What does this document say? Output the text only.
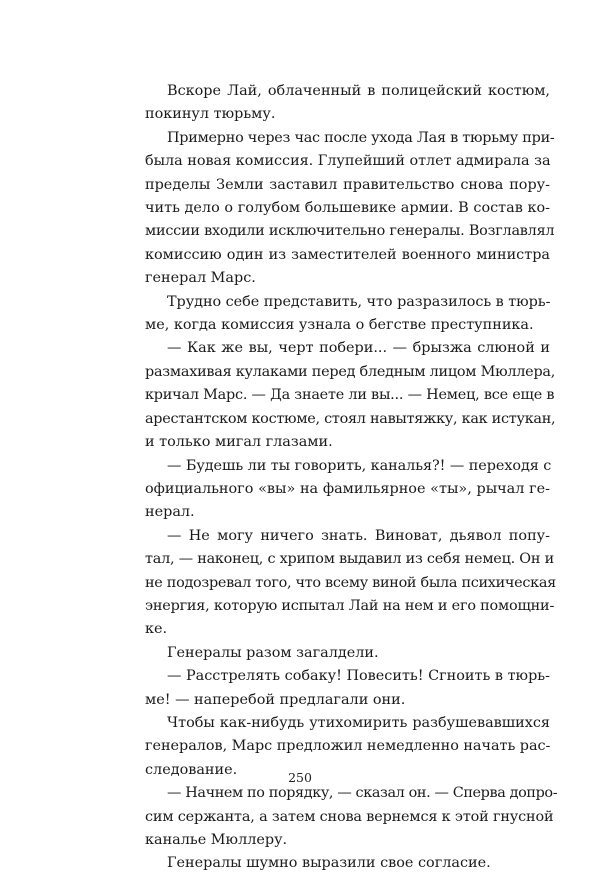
Вскоре Лай, облаченный в полицейский костюм,
покинул тюрьму.
Примерно через час после ухода Лая в тюрьму при-
была новая комиссия. Глупейший отлет адмирала за
пределы Земли заставил правительство снова пору-
чить дело о голубом большевике армии. В состав ко-
миссии входили исключительно генералы. Возглавлял
комиссию один из заместителей военного министра
генерал Марс.
Трудно себе представить, что разразилось в тюрь-
ме, когда комиссия узнала о бегстве преступника.
— Как же вы, черт побери... — брызжа слюной и
размахивая кулаками перед бледным лицом Мюллера,
кричал Марс. — Да знаете ли вы... — Немец, все еще в
арестантском костюме, стоял навытяжку, как истукан,
и только мигал глазами.
— Будешь ли ты говорить, каналья?! — переходя с
официального «вы» на фамильярное «ты», рычал ге-
нерал.
— Не могу ничего знать. Виноват, дьявол попу-
тал, — наконец, с хрипом выдавил из себя немец. Он и
не подозревал того, что всему виной была психическая
энергия, которую испытал Лай на нем и его помощни-
ке.
Генералы разом загалдели.
— Расстрелять собаку! Повесить! Сгноить в тюрь-
ме! — наперебой предлагали они.
Чтобы как-нибудь утихомирить разбушевавшихся
генералов, Марс предложил немедленно начать рас-
следование.
— Начнем по порядку, — сказал он. — Сперва допро-
сим сержанта, а затем снова вернемся к этой гнусной
каналье Мюллеру.
Генералы шумно выразили свое согласие.
250
